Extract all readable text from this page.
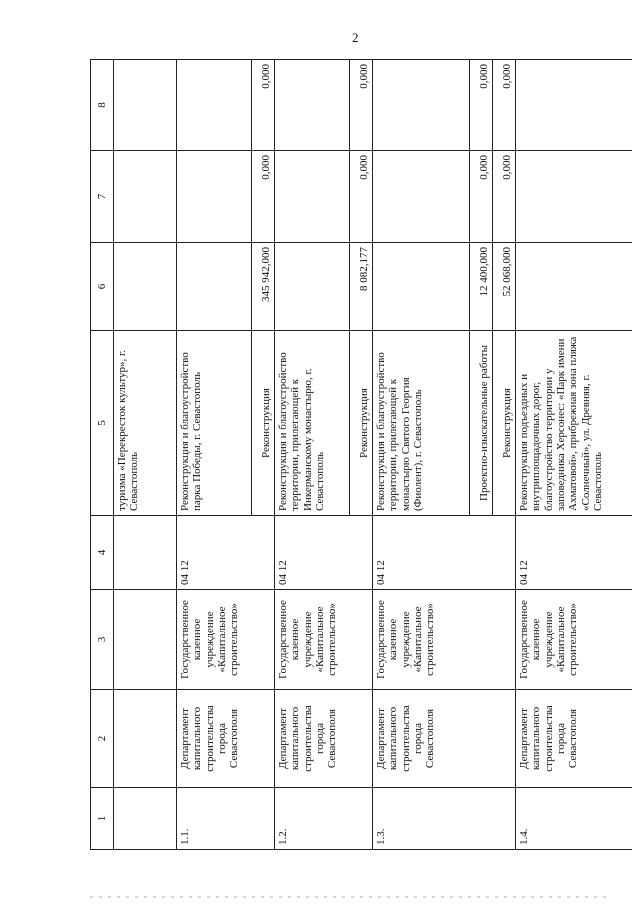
2
1	2	3	4	5	6	7	8
				туризма «Перекресток культур», г. Севастополь			
1.1.	Департамент капитального строительства города Севастополя	Государственное казенное учреждение «Капитальное строительство»	04 12	Реконструкция и благоустройство парка Победы, г. Севастополь			
				Реконструкция	345 942,000	0,000	0,000
1.2.	Департамент капитального строительства города Севастополя	Государственное казенное учреждение «Капитальное строительство»	04 12	Реконструкция и благоустройство территории, прилегающей к Инкерманскому монастырю, г. Севастополь			
				Реконструкция	8 082,177	0,000	0,000
1.3.	Департамент капитального строительства города Севастополя	Государственное казенное учреждение «Капитальное строительство»	04 12	Реконструкция и благоустройство территории, прилегающей к монастырю Святого Георгия (Фиолент), г. Севастополь			
				Проектно-изыскательные работы	12 400,000	0,000	0,000
				Реконструкция	52 068,000	0,000	0,000
1.4.	Департамент капитального строительства города Севастополя	Государственное казенное учреждение «Капитальное строительство»	04 12	Реконструкция подъездных и внутриплощадочных дорог, благоустройство территории у заповедника Херсонес: «Парк имени Ахматовой», прибрежная зона пляжа «Солнечный», ул. Древняя, г. Севастополь			
